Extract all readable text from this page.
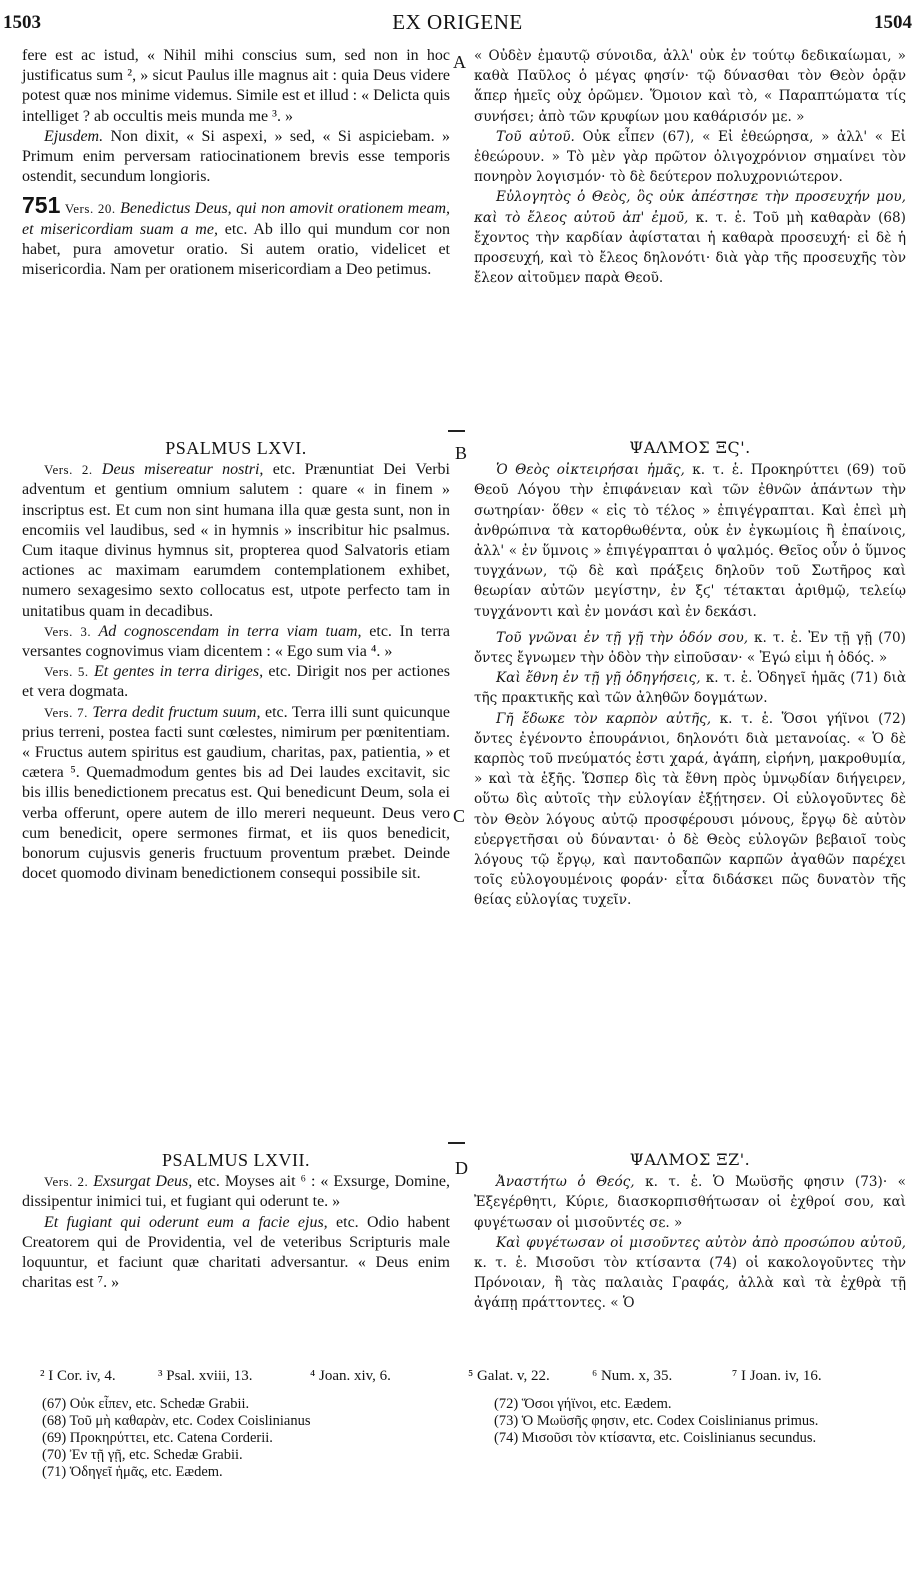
1503	EX ORIGENE	1504
A
B
C
D

fere est ac istud, « Nihil mihi conscius sum, sed non in hoc justificatus sum ², » sicut Paulus ille magnus ait : quia Deus videre potest quæ nos minime videmus. Simile est et illud : « Delicta quis intelliget ? ab occultis meis munda me ³. »

Ejusdem. Non dixit, « Si aspexi, » sed, « Si aspiciebam. » Primum enim perversam ratiocinationem brevis esse temporis ostendit, secundum longioris.

751 Vers. 20. Benedictus Deus, qui non amovit orationem meam, et misericordiam suam a me, etc. Ab illo qui mundum cor non habet, pura amovetur oratio. Si autem oratio, videlicet et misericordia. Nam per orationem misericordiam a Deo petimus.

PSALMUS LXVI.

Vers. 2. Deus misereatur nostri, etc. Prænuntiat Dei Verbi adventum et gentium omnium salutem : quare « in finem » inscriptus est. Et cum non sint humana illa quæ gesta sunt, non in encomiis vel laudibus, sed « in hymnis » inscribitur hic psalmus. Cum itaque divinus hymnus sit, propterea quod Salvatoris etiam actiones ac maximam earumdem contemplationem exhibet, numero sexagesimo sexto collocatus est, utpote perfecto tam in unitatibus quam in decadibus.

Vers. 3. Ad cognoscendam in terra viam tuam, etc. In terra versantes cognovimus viam dicentem : « Ego sum via ⁴. »

Vers. 5. Et gentes in terra diriges, etc. Dirigit nos per actiones et vera dogmata.

Vers. 7. Terra dedit fructum suum, etc. Terra illi sunt quicunque prius terreni, postea facti sunt cœlestes, nimirum per pœnitentiam. « Fructus autem spiritus est gaudium, charitas, pax, patientia, » et cætera ⁵. Quemadmodum gentes bis ad Dei laudes excitavit, sic bis illis benedictionem precatus est. Qui benedicunt Deum, sola ei verba offerunt, opere autem de illo mereri nequeunt. Deus vero cum benedicit, opere sermones firmat, et iis quos benedicit, bonorum cujusvis generis fructuum proventum præbet. Deinde docet quomodo divinam benedictionem consequi possibile sit.

PSALMUS LXVII.

Vers. 2. Exsurgat Deus, etc. Moyses ait ⁶ : « Exsurge, Domine, dissipentur inimici tui, et fugiant qui oderunt te. »

Et fugiant qui oderunt eum a facie ejus, etc. Odio habent Creatorem qui de Providentia, vel de veteribus Scripturis male loquuntur, et faciunt quæ charitati adversantur. « Deus enim charitas est ⁷. »

« Οὐδὲν ἐμαυτῷ σύνοιδα, ἀλλ' οὐκ ἐν τούτῳ δεδικαίωμαι, » καθὰ Παῦλος ὁ μέγας φησίν· τῷ δύνασθαι τὸν Θεὸν ὁρᾷν ἅπερ ἡμεῖς οὐχ ὁρῶμεν. Ὅμοιον καὶ τὸ, « Παραπτώματα τίς συνήσει; ἀπὸ τῶν κρυφίων μου καθάρισόν με. »

Τοῦ αὐτοῦ. Οὐκ εἶπεν (67), « Εἰ ἐθεώρησα, » ἀλλ' « Εἰ ἐθεώρουν. » Τὸ μὲν γὰρ πρῶτον ὀλιγοχρόνιον σημαίνει τὸν πονηρὸν λογισμόν· τὸ δὲ δεύτερον πολυχρονιώτερον.

Εὐλογητὸς ὁ Θεὸς, ὃς οὐκ ἀπέστησε τὴν προσευχήν μου, καὶ τὸ ἔλεος αὐτοῦ ἀπ' ἐμοῦ, κ. τ. ἑ. Τοῦ μὴ καθαρὰν (68) ἔχοντος τὴν καρδίαν ἀφίσταται ἡ καθαρὰ προσευχή· εἰ δὲ ἡ προσευχή, καὶ τὸ ἔλεος δηλονότι· διὰ γὰρ τῆς προσευχῆς τὸν ἔλεον αἰτοῦμεν παρὰ Θεοῦ.

ΨΑΛΜΟΣ ΞϚ'.

Ὁ Θεὸς οἰκτειρήσαι ἡμᾶς, κ. τ. ἑ. Προκηρύττει (69) τοῦ Θεοῦ Λόγου τὴν ἐπιφάνειαν καὶ τῶν ἐθνῶν ἁπάντων τὴν σωτηρίαν· ὅθεν « εἰς τὸ τέλος » ἐπιγέγραπται. Καὶ ἐπεὶ μὴ ἀνθρώπινα τὰ κατορθωθέντα, οὐκ ἐν ἐγκωμίοις ἢ ἐπαίνοις, ἀλλ' « ἐν ὕμνοις » ἐπιγέγραπται ὁ ψαλμός. Θεῖος οὖν ὁ ὕμνος τυγχάνων, τῷ δὲ καὶ πράξεις δηλοῦν τοῦ Σωτῆρος καὶ θεωρίαν αὐτῶν μεγίστην, ἐν ξϛ' τέτακται ἀριθμῷ, τελείῳ τυγχάνοντι καὶ ἐν μονάσι καὶ ἐν δεκάσι.

Τοῦ γνῶναι ἐν τῇ γῇ τὴν ὁδόν σου, κ. τ. ἑ. Ἐν τῇ γῇ (70) ὄντες ἔγνωμεν τὴν ὁδὸν τὴν εἰποῦσαν· « Ἐγώ εἰμι ἡ ὁδός. »

Καὶ ἔθνη ἐν τῇ γῇ ὁδηγήσεις, κ. τ. ἑ. Ὁδηγεῖ ἡμᾶς (71) διὰ τῆς πρακτικῆς καὶ τῶν ἀληθῶν δογμάτων.

Γῆ ἔδωκε τὸν καρπὸν αὐτῆς, κ. τ. ἑ. Ὅσοι γήϊνοι (72) ὄντες ἐγένοντο ἐπουράνιοι, δηλονότι διὰ μετανοίας. « Ὁ δὲ καρπὸς τοῦ πνεύματός ἐστι χαρά, ἀγάπη, εἰρήνη, μακροθυμία, » καὶ τὰ ἑξῆς. Ὥσπερ δὶς τὰ ἔθνη πρὸς ὑμνῳδίαν διήγειρεν, οὕτω δὶς αὐτοῖς τὴν εὐλογίαν ἐξῄτησεν. Οἱ εὐλογοῦντες δὲ τὸν Θεὸν λόγους αὐτῷ προσφέρουσι μόνους, ἔργῳ δὲ αὐτὸν εὐεργετῆσαι οὐ δύνανται· ὁ δὲ Θεὸς εὐλογῶν βεβαιοῖ τοὺς λόγους τῷ ἔργῳ, καὶ παντοδαπῶν καρπῶν ἀγαθῶν παρέχει τοῖς εὐλογουμένοις φοράν· εἶτα διδάσκει πῶς δυνατὸν τῆς θείας εὐλογίας τυχεῖν.

ΨΑΛΜΟΣ ΞΖ'.

Ἀναστήτω ὁ Θεός, κ. τ. ἑ. Ὁ Μωϋσῆς φησιν (73)· « Ἐξεγέρθητι, Κύριε, διασκορπισθήτωσαν οἱ ἐχθροί σου, καὶ φυγέτωσαν οἱ μισοῦντές σε. »

Καὶ φυγέτωσαν οἱ μισοῦντες αὐτὸν ἀπὸ προσώπου αὐτοῦ, κ. τ. ἑ. Μισοῦσι τὸν κτίσαντα (74) οἱ κακολογοῦντες τὴν Πρόνοιαν, ἢ τὰς παλαιὰς Γραφάς, ἀλλὰ καὶ τὰ ἐχθρὰ τῇ ἀγάπῃ πράττοντες. « Ὁ

² I Cor. iv, 4.	³ Psal. xviii, 13.	⁴ Joan. xiv, 6.	⁵ Galat. v, 22.	⁶ Num. x, 35.	⁷ I Joan. iv, 16.
(67) Οὐκ εἶπεν, etc. Schedæ Grabii.
(68) Τοῦ μὴ καθαρὰν, etc. Codex Coislinianus
(69) Προκηρύττει, etc. Catena Corderii.
(70) Ἐν τῇ γῇ, etc. Schedæ Grabii.
(71) Ὁδηγεῖ ἡμᾶς, etc. Eædem.
(72) Ὅσοι γήϊνοι, etc. Eædem.
(73) Ὁ Μωϋσῆς φησιν, etc. Codex Coislinianus primus.
(74) Μισοῦσι τὸν κτίσαντα, etc. Coislinianus secundus.
